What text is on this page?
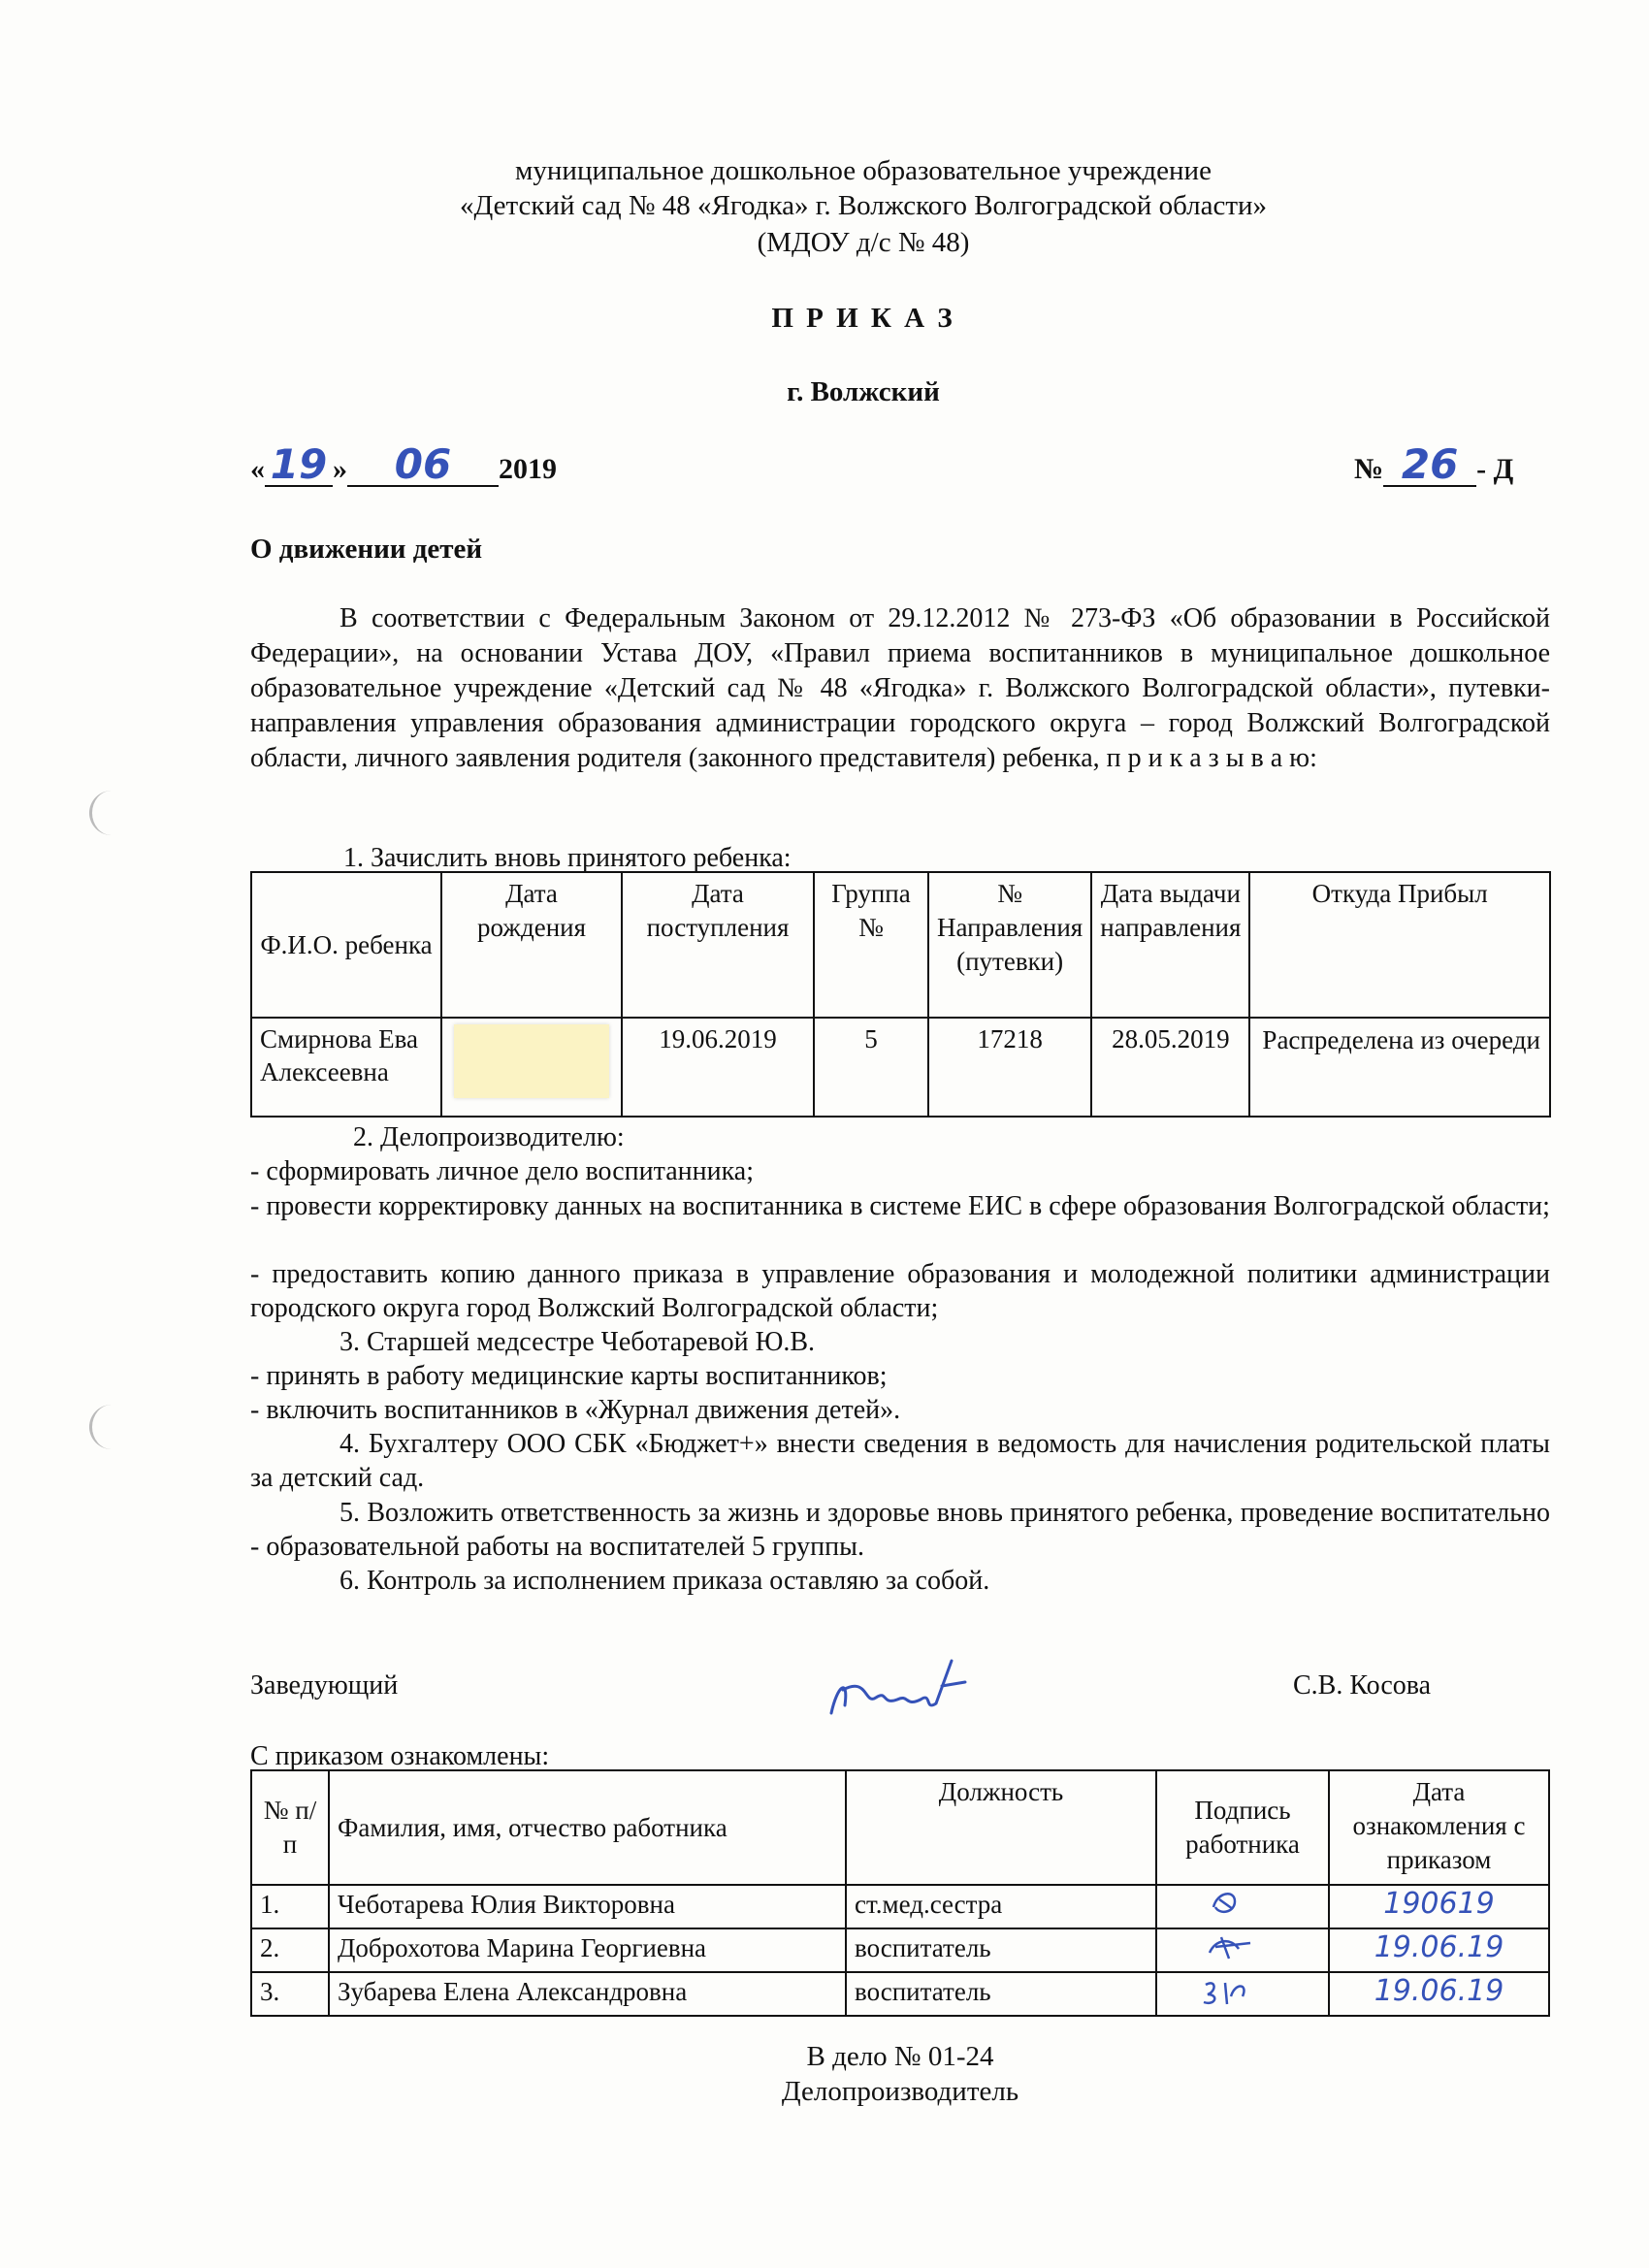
муниципальное дошкольное образовательное учреждение
«Детский сад № 48 «Ягодка» г. Волжского Волгоградской области»
(МДОУ д/с № 48)
П Р И К А З
г. Волжский
« 19 » 06 2019	№ 26 - Д
О движении детей
В соответствии с Федеральным Законом от 29.12.2012 № 273-ФЗ «Об образовании в Российской Федерации», на основании Устава ДОУ, «Правил приема воспитанников в муниципальное дошкольное образовательное учреждение «Детский сад № 48 «Ягодка» г. Волжского Волгоградской области», путевки-направления управления образования администрации городского округа – город Волжский Волгоградской области, личного заявления родителя (законного представителя) ребенка, п р и к а з ы в а ю:
1. Зачислить вновь принятого ребенка:
Ф.И.О. ребенка	Дата рождения	Дата поступления	Группа №	№ Направления (путевки)	Дата выдачи направления	Откуда Прибыл
Смирнова Ева Алексеевна		19.06.2019	5	17218	28.05.2019	Распределена из очереди
2. Делопроизводителю:
- сформировать личное дело воспитанника;
- провести корректировку данных на воспитанника в системе ЕИС в сфере образования Волгоградской области;
- предоставить копию данного приказа в управление образования и молодежной политики администрации городского округа город Волжский Волгоградской области;
3. Старшей медсестре Чеботаревой Ю.В.
- принять в работу медицинские карты воспитанников;
- включить воспитанников в «Журнал движения детей».
4. Бухгалтеру ООО СБК «Бюджет+» внести сведения в ведомость для начисления родительской платы за детский сад.
5. Возложить ответственность за жизнь и здоровье вновь принятого ребенка, проведение воспитательно - образовательной работы на воспитателей 5 группы.
6. Контроль за исполнением приказа оставляю за собой.
Заведующий	С.В. Косова
С приказом ознакомлены:
№ п/п	Фамилия, имя, отчество работника	Должность	Подпись работника	Дата ознакомления с приказом
1.	Чеботарева Юлия Викторовна	ст.мед.сестра		190619
2.	Доброхотова Марина Георгиевна	воспитатель		19.06.19
3.	Зубарева Елена Александровна	воспитатель		19.06.19
В дело № 01-24
Делопроизводитель
